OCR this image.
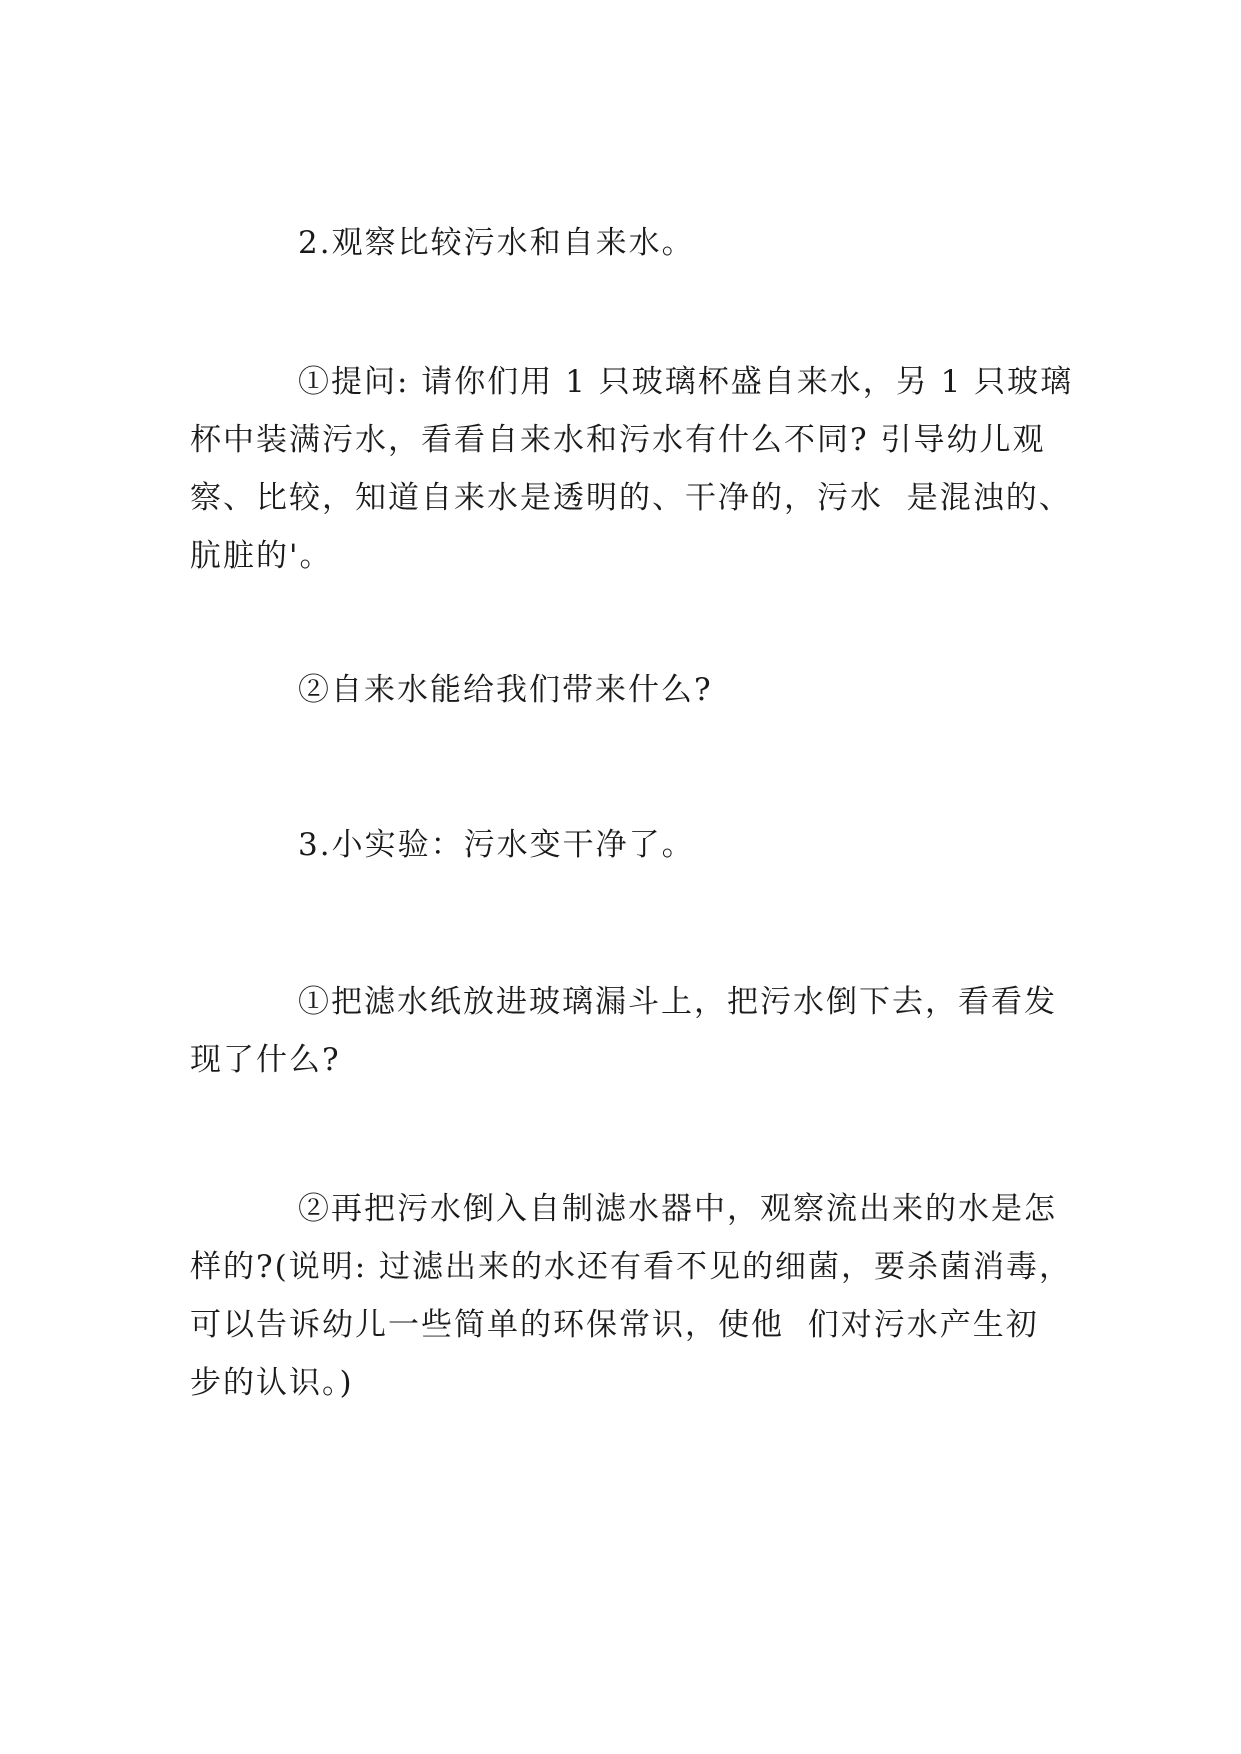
2.观察比较污水和自来水。

①提问: 请你们用 1 只玻璃杯盛自来水，另 1 只玻璃
杯中装满污水，看看自来水和污水有什么不同? 引导幼儿观
察、比较，知道自来水是透明的、干净的，污水  是混浊的、
肮脏的'。

②自来水能给我们带来什么?

3.小实验：污水变干净了。

①把滤水纸放进玻璃漏斗上，把污水倒下去，看看发
现了什么?

②再把污水倒入自制滤水器中，观察流出来的水是怎
样的?(说明: 过滤出来的水还有看不见的细菌，要杀菌消毒，
可以告诉幼儿一些简单的环保常识，使他  们对污水产生初
步的认识。)
